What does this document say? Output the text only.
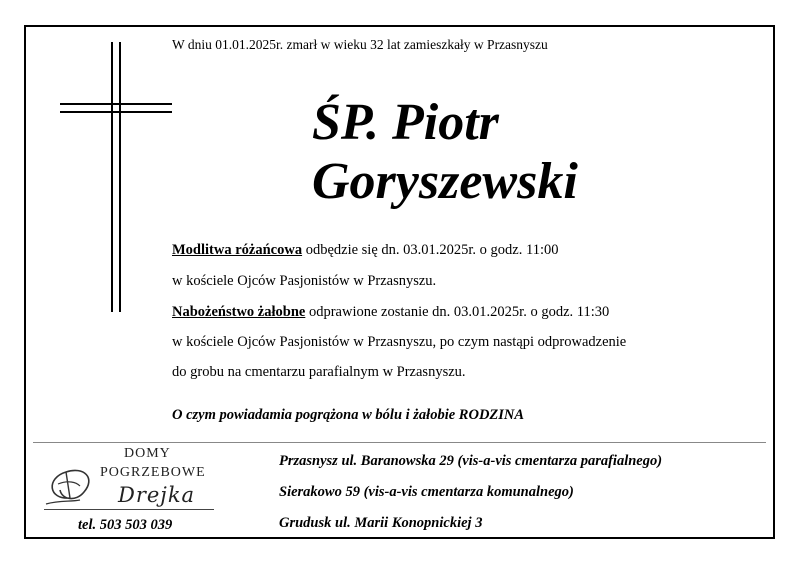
W dniu 01.01.2025r. zmarł w wieku 32 lat zamieszkały w Przasnyszu
ŚP. Piotr
Goryszewski
Modlitwa różańcowa odbędzie się dn. 03.01.2025r. o godz. 11:00
w kościele Ojców Pasjonistów w Przasnyszu.
Nabożeństwo żałobne odprawione zostanie dn. 03.01.2025r. o godz. 11:30
w kościele Ojców Pasjonistów w Przasnyszu, po czym nastąpi odprowadzenie
do grobu na cmentarzu parafialnym w Przasnyszu.
O czym powiadamia pogrążona w bólu i żałobie RODZINA
DOMY
POGRZEBOWE
Drejka
tel. 503 503 039
Przasnysz ul. Baranowska 29 (vis-a-vis cmentarza parafialnego)
Sierakowo 59 (vis-a-vis cmentarza komunalnego)
Grudusk ul. Marii Konopnickiej 3
